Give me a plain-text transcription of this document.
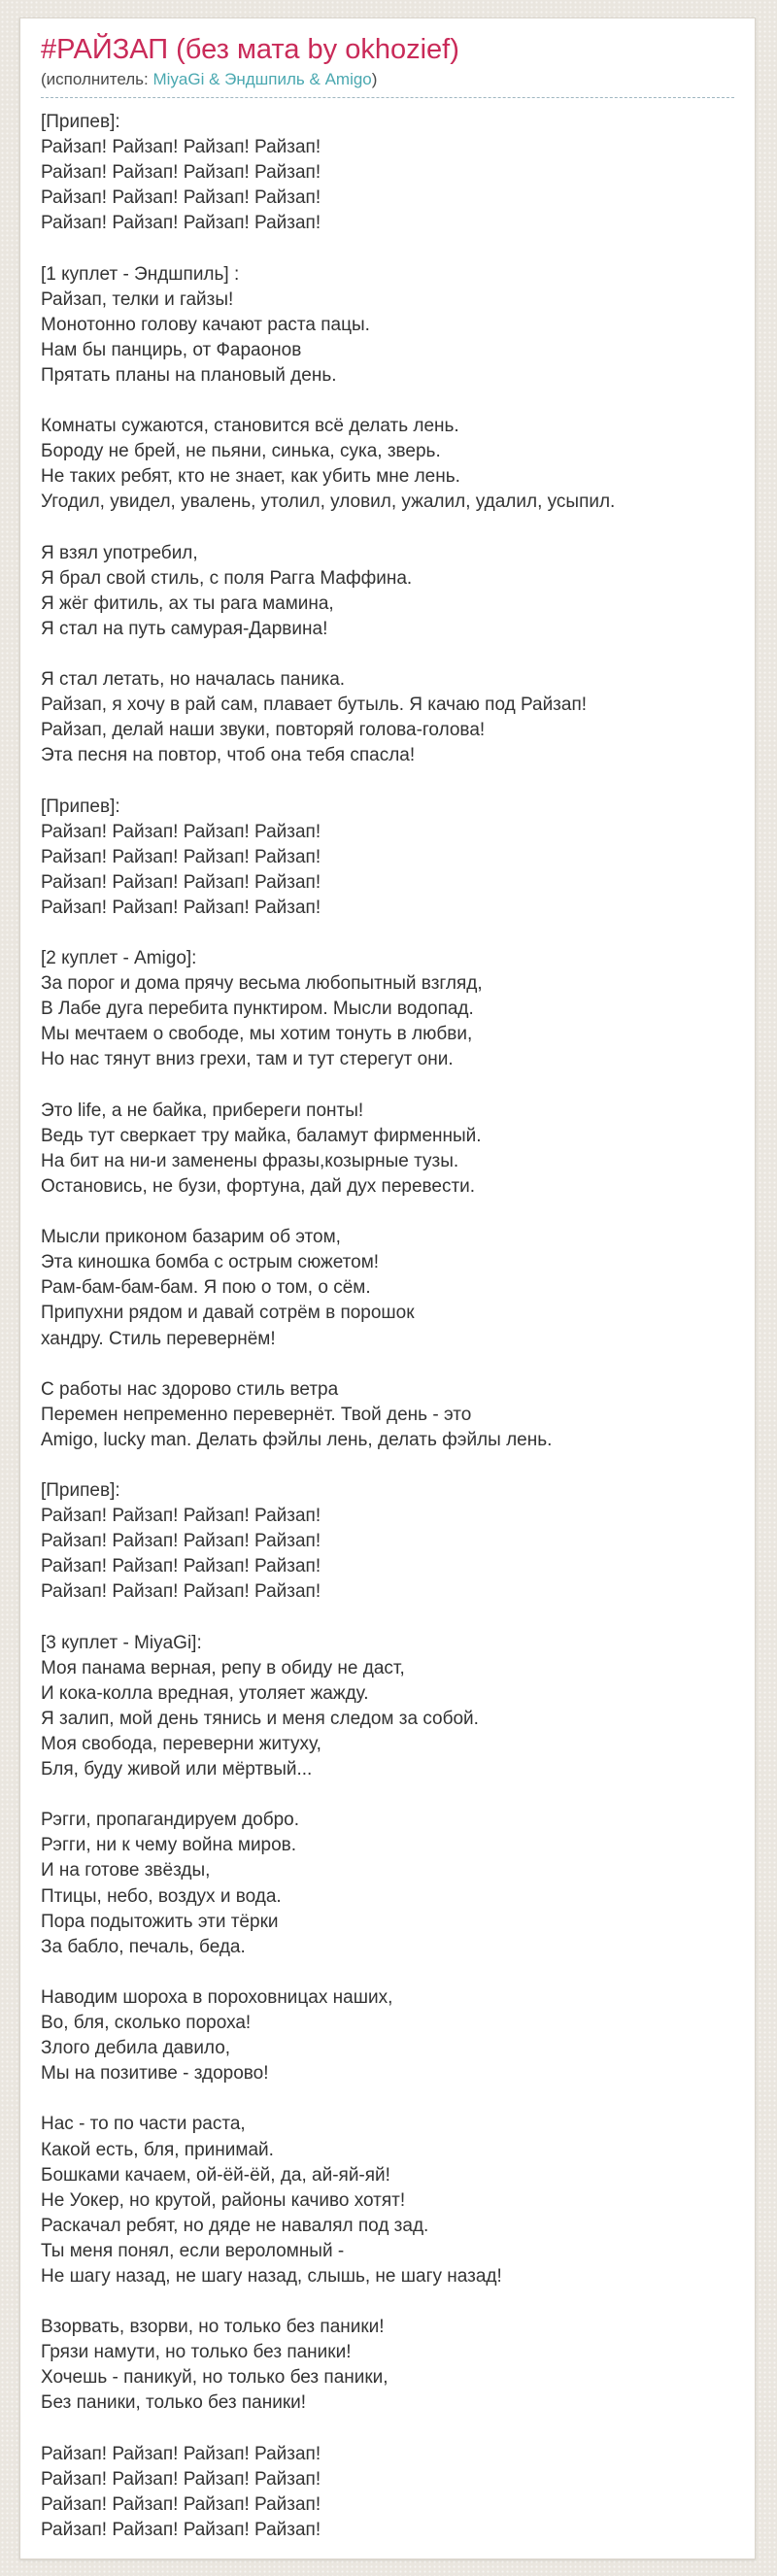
#РАЙЗАП (без мата by okhozief)
(исполнитель: MiyaGi & Эндшпиль & Amigo)
[Припев]:
Райзап! Райзап! Райзап! Райзап!
Райзап! Райзап! Райзап! Райзап!
Райзап! Райзап! Райзап! Райзап!
Райзап! Райзап! Райзап! Райзап!
[1 куплет - Эндшпиль] :
Райзап, телки и гайзы!
Монотонно голову качают раста пацы.
Нам бы панцирь, от Фараонов
Прятать планы на плановый день.
Комнаты сужаются, становится всё делать лень.
Бороду не брей, не пьяни, синька, сука, зверь.
Не таких ребят, кто не знает, как убить мне лень.
Угодил, увидел, увалень, утолил, уловил, ужалил, удалил, усыпил.
Я взял употребил,
Я брал свой стиль, с поля Рагга Маффина.
Я жёг фитиль, ах ты рага мамина,
Я стал на путь самурая-Дарвина!
Я стал летать, но началась паника.
Райзап, я хочу в рай сам, плавает бутыль. Я качаю под Райзап!
Райзап, делай наши звуки, повторяй голова-голова!
Эта песня на повтор, чтоб она тебя спасла!
[Припев]:
Райзап! Райзап! Райзап! Райзап!
Райзап! Райзап! Райзап! Райзап!
Райзап! Райзап! Райзап! Райзап!
Райзап! Райзап! Райзап! Райзап!
[2 куплет - Amigo]:
За порог и дома прячу весьма любопытный взгляд,
В Лабе дуга перебита пунктиром. Мысли водопад.
Мы мечтаем о свободе, мы хотим тонуть в любви,
Но нас тянут вниз грехи, там и тут стерегут они.
Это life, а не байка, прибереги понты!
Ведь тут сверкает тру майка, баламут фирменный.
На бит на ни-и заменены фразы,козырные тузы.
Остановись, не бузи, фортуна, дай дух перевести.
Мысли приконом базарим об этом,
Эта киношка бомба с острым сюжетом!
Рам-бам-бам-бам. Я пою о том, о сём.
Припухни рядом и давай сотрём в порошок
хандру. Стиль перевернём!
С работы нас здорово стиль ветра
Перемен непременно перевернёт. Твой день - это
Amigo, lucky man. Делать фэйлы лень, делать фэйлы лень.
[Припев]:
Райзап! Райзап! Райзап! Райзап!
Райзап! Райзап! Райзап! Райзап!
Райзап! Райзап! Райзап! Райзап!
Райзап! Райзап! Райзап! Райзап!
[3 куплет - MiyaGi]:
Моя панама верная, репу в обиду не даст,
И кока-колла вредная, утоляет жажду.
Я залип, мой день тянись и меня следом за собой.
Моя свобода, переверни житуху,
Бля, буду живой или мёртвый...
Рэгги, пропагандируем добро.
Рэгги, ни к чему война миров.
И на готове звёзды,
Птицы, небо, воздух и вода.
Пора подытожить эти тёрки
За бабло, печаль, беда.
Наводим шороха в пороховницах наших,
Во, бля, сколько пороха!
Злого дебила давило,
Мы на позитиве - здорово!
Нас - то по части раста,
Какой есть, бля, принимай.
Бошками качаем, ой-ёй-ёй, да, ай-яй-яй!
Не Уокер, но крутой, районы качиво хотят!
Раскачал ребят, но дяде не навалял под зад.
Ты меня понял, если вероломный -
Не шагу назад, не шагу назад, слышь, не шагу назад!
Взорвать, взорви, но только без паники!
Грязи намути, но только без паники!
Хочешь - паникуй, но только без паники,
Без паники, только без паники!
Райзап! Райзап! Райзап! Райзап!
Райзап! Райзап! Райзап! Райзап!
Райзап! Райзап! Райзап! Райзап!
Райзап! Райзап! Райзап! Райзап!
